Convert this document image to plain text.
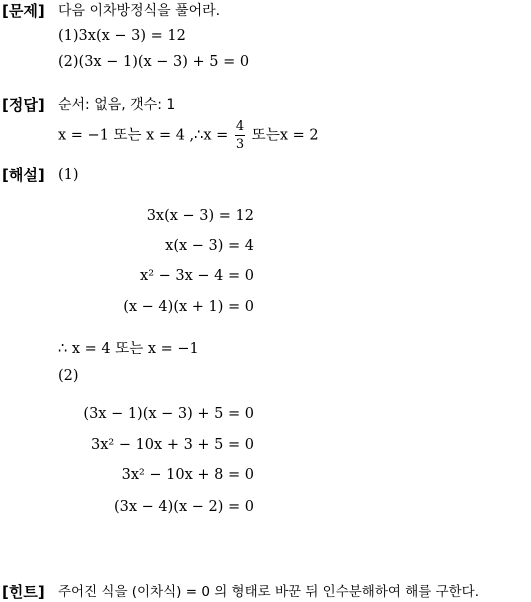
[문제] 다음 이차방정식을 풀어라.
(1)3x(x − 3) = 12
(2)(3x − 1)(x − 3) + 5 = 0
[정답] 순서: 없음, 갯수: 1
x = −1 또는 x = 4 ,∴x = $\frac{4}{3}$ 또는x = 2
[해설] (1)
3x(x − 3) = 12
x(x − 3) = 4
x² − 3x − 4 = 0
(x − 4)(x + 1) = 0
∴ x = 4 또는 x = −1
(2)
(3x − 1)(x − 3) + 5 = 0
3x² − 10x + 3 + 5 = 0
3x² − 10x + 8 = 0
(3x − 4)(x − 2) = 0
[힌트] 주어진 식을 (이차식) = 0 의 형태로 바꾼 뒤 인수분해하여 해를 구한다.
